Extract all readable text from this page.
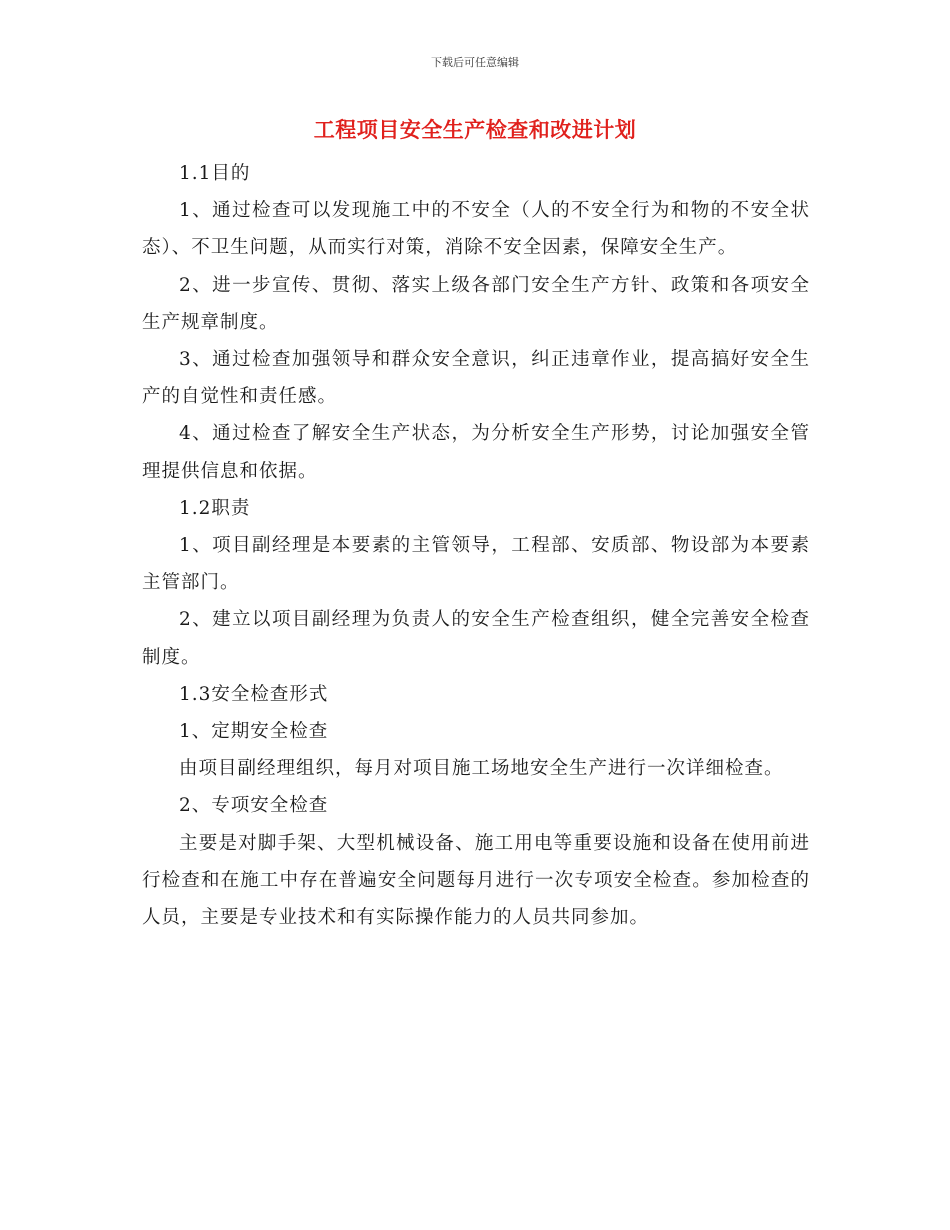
下载后可任意编辑
工程项目安全生产检查和改进计划

1.1目的

1、通过检查可以发现施工中的不安全（人的不安全行为和物的不安全状态）、不卫生问题，从而实行对策，消除不安全因素，保障安全生产。

2、进一步宣传、贯彻、落实上级各部门安全生产方针、政策和各项安全生产规章制度。

3、通过检查加强领导和群众安全意识，纠正违章作业，提高搞好安全生产的自觉性和责任感。

4、通过检查了解安全生产状态，为分析安全生产形势，讨论加强安全管理提供信息和依据。

1.2职责

1、项目副经理是本要素的主管领导，工程部、安质部、物设部为本要素主管部门。

2、建立以项目副经理为负责人的安全生产检查组织，健全完善安全检查制度。

1.3安全检查形式

1、定期安全检查

由项目副经理组织，每月对项目施工场地安全生产进行一次详细检查。

2、专项安全检查

主要是对脚手架、大型机械设备、施工用电等重要设施和设备在使用前进行检查和在施工中存在普遍安全问题每月进行一次专项安全检查。参加检查的人员，主要是专业技术和有实际操作能力的人员共同参加。
